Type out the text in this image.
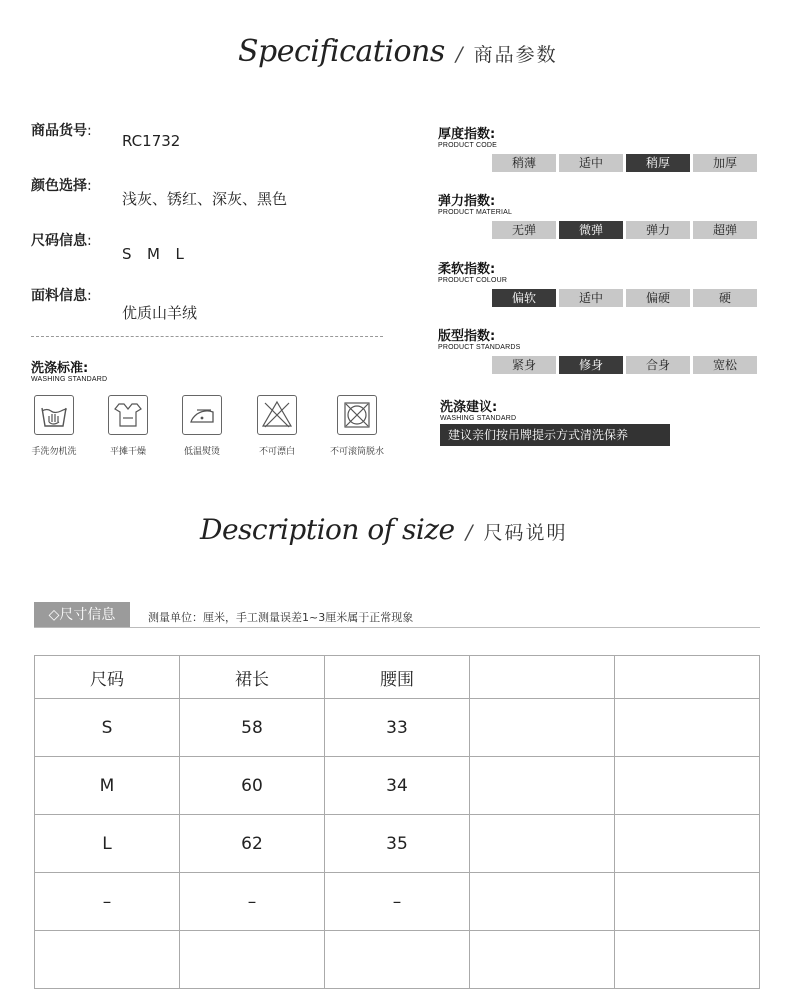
Specifications / 商品参数
商品货号:
RC1732
颜色选择:
浅灰、锈红、深灰、黑色
尺码信息:
S  M  L
面料信息:
优质山羊绒
洗涤标准:
WASHING STANDARD
手洗勿机洗	平摊干燥	低温熨烫	不可漂白	不可滚筒脱水
厚度指数:
PRODUCT CODE
稍薄	适中	稍厚	加厚
弹力指数:
PRODUCT MATERIAL
无弹	微弹	弹力	超弹
柔软指数:
PRODUCT COLOUR
偏软	适中	偏硬	硬
版型指数:
PRODUCT STANDARDS
紧身	修身	合身	宽松
洗涤建议:
WASHING STANDARD
建议亲们按吊牌提示方式清洗保养
Description of size / 尺码说明
◇尺寸信息	测量单位：厘米，手工测量误差1~3厘米属于正常现象
尺码	裙长	腰围		
S	58	33		
M	60	34		
L	62	35		
–	–	–		
